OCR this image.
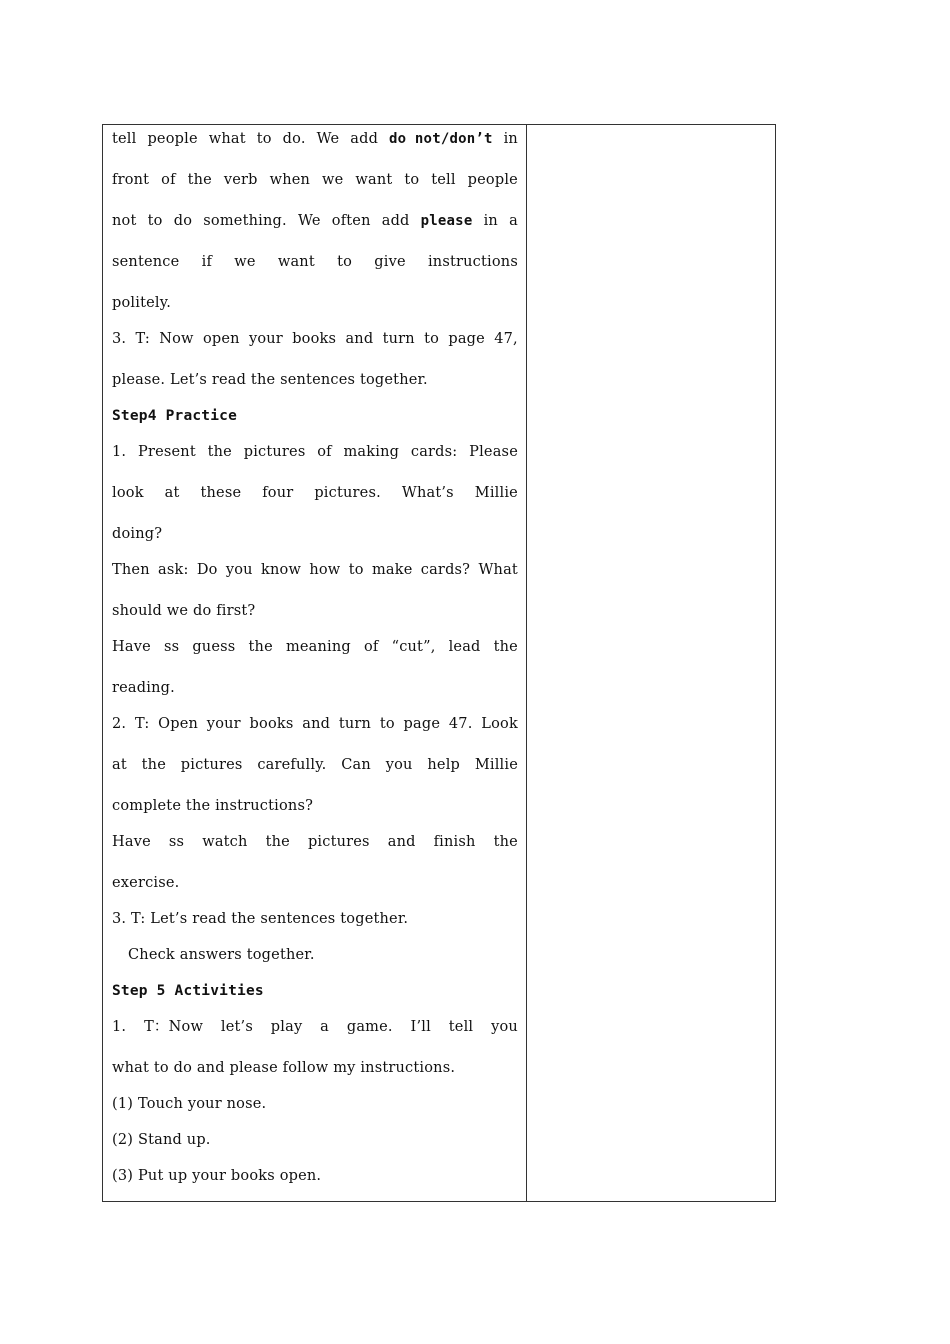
tell people what to do. We add do not/don’t in
front of the verb when we want to tell people
not to do something. We often add please in a
sentence if we want to give instructions
politely.
3. T: Now open your books and turn to page 47,
please. Let’s read the sentences together.
Step4 Practice
1. Present the pictures of making cards: Please
look at these four pictures. What’s Millie
doing?
Then ask: Do you know how to make cards? What
should we do first?
Have ss guess the meaning of “cut”, lead the
reading.
2. T: Open your books and turn to page 47. Look
at the pictures carefully. Can you help Millie
complete the instructions?
Have ss watch the pictures and finish the
exercise.
3. T: Let’s read the sentences together.
Check answers together.
Step 5 Activities
1. T：Now let’s play a game. I’ll tell you
what to do and please follow my instructions.
(1) Touch your nose.
(2) Stand up.
(3) Put up your books open.
